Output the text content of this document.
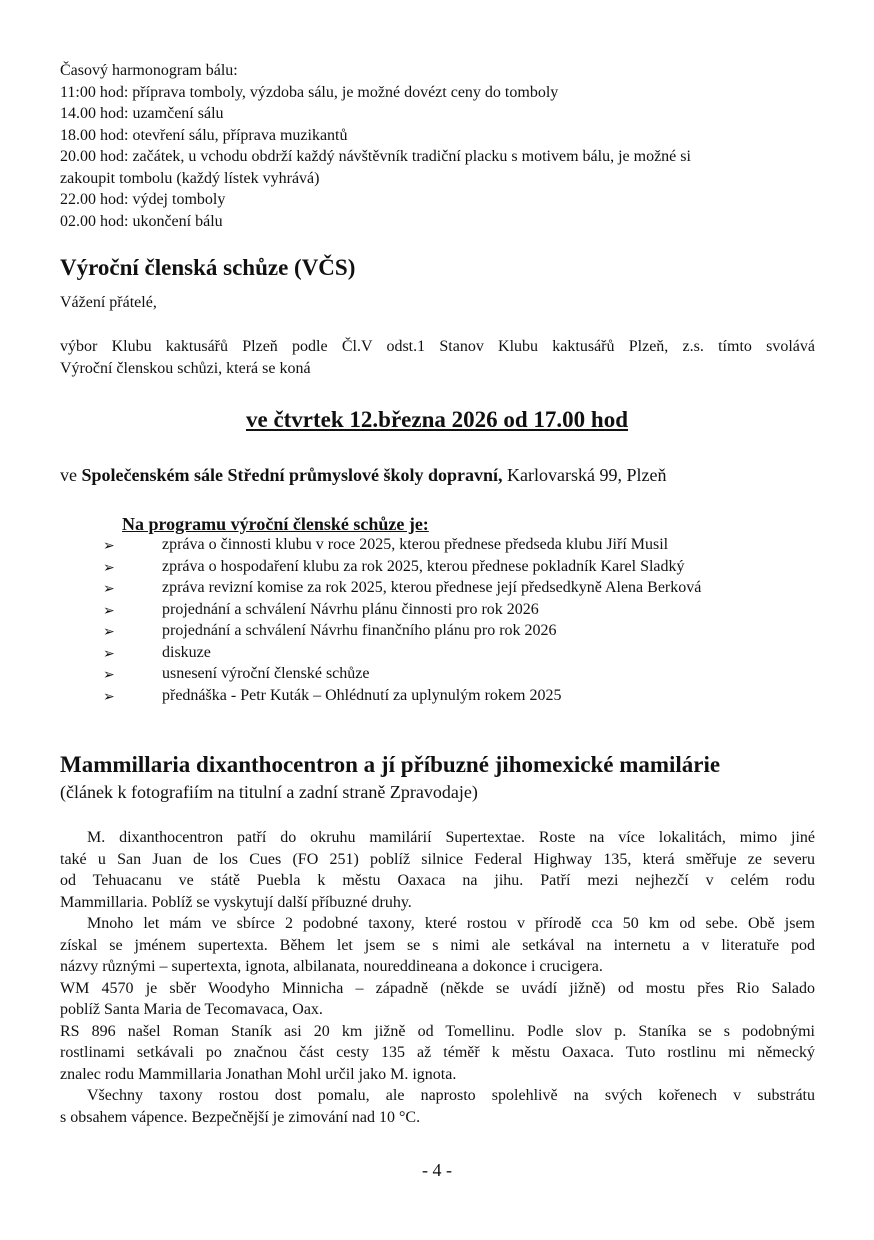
Časový harmonogram bálu:
11:00 hod: příprava tomboly, výzdoba sálu, je možné dovézt ceny do tomboly
14.00 hod: uzamčení sálu
18.00 hod: otevření sálu, příprava muzikantů
20.00 hod: začátek, u vchodu obdrží každý návštěvník tradiční placku s motivem bálu, je možné si
zakoupit tombolu (každý lístek vyhrává)
22.00 hod: výdej tomboly
02.00 hod: ukončení bálu
Výroční členská schůze (VČS)
Vážení přátelé,
výbor Klubu kaktusářů Plzeň podle Čl.V odst.1 Stanov Klubu kaktusářů Plzeň, z.s. tímto svolává
Výroční členskou schůzi, která se koná
ve čtvrtek 12.března 2026 od 17.00 hod
ve Společenském sále Střední průmyslové školy dopravní, Karlovarská 99, Plzeň
Na programu výroční členské schůze je:
➢	zpráva o činnosti klubu v roce 2025, kterou přednese předseda klubu Jiří Musil
➢	zpráva o hospodaření klubu za rok 2025, kterou přednese pokladník Karel Sladký
➢	zpráva revizní komise za rok 2025, kterou přednese její předsedkyně Alena Berková
➢	projednání a schválení Návrhu plánu činnosti pro rok 2026
➢	projednání a schválení Návrhu finančního plánu pro rok 2026
➢	diskuze
➢	usnesení výroční členské schůze
➢	přednáška - Petr Kuták – Ohlédnutí za uplynulým rokem 2025
Mammillaria dixanthocentron a jí příbuzné jihomexické mamilárie
(článek k fotografiím na titulní a zadní straně Zpravodaje)
M. dixanthocentron patří do okruhu mamilárií Supertextae. Roste na více lokalitách, mimo jiné
také u San Juan de los Cues (FO 251) poblíž silnice Federal Highway 135, která směřuje ze severu
od Tehuacanu ve státě Puebla k městu Oaxaca na jihu. Patří mezi nejhezčí v celém rodu
Mammillaria. Poblíž se vyskytují další příbuzné druhy.
Mnoho let mám ve sbírce 2 podobné taxony, které rostou v přírodě cca 50 km od sebe. Obě jsem
získal se jménem supertexta. Během let jsem se s nimi ale setkával na internetu a v literatuře pod
názvy různými – supertexta, ignota, albilanata, noureddineana a dokonce i crucigera.
WM 4570 je sběr Woodyho Minnicha – západně (někde se uvádí jižně) od mostu přes Rio Salado
poblíž Santa Maria de Tecomavaca, Oax.
RS 896 našel Roman Staník asi 20 km jižně od Tomellinu. Podle slov p. Staníka se s podobnými
rostlinami setkávali po značnou část cesty 135 až téměř k městu Oaxaca. Tuto rostlinu mi německý
znalec rodu Mammillaria Jonathan Mohl určil jako M. ignota.
Všechny taxony rostou dost pomalu, ale naprosto spolehlivě na svých kořenech v substrátu
s obsahem vápence. Bezpečnější je zimování nad 10 °C.
- 4 -
